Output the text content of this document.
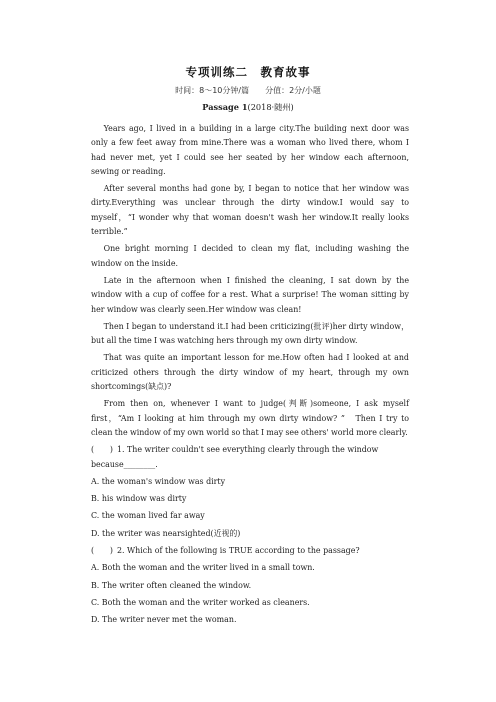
专项训练二　教育故事
时间：8～10分钟/篇　　分值：2分/小题
Passage 1(2018·随州)

Years ago, I lived in a building in a large city.The building next door was only a few feet away from mine.There was a woman who lived there, whom I had never met, yet I could see her seated by her window each afternoon, sewing or reading.

After several months had gone by, I began to notice that her window was dirty.Everything was unclear through the dirty window.I would say to myself，“I wonder why that woman doesn't wash her window.It really looks terrible.”

One bright morning I decided to clean my flat, including washing the window on the inside.

Late in the afternoon when I finished the cleaning, I sat down by the window with a cup of coffee for a rest. What a surprise! The woman sitting by her window was clearly seen.Her window was clean!

Then I began to understand it.I had been criticizing(批评)her dirty window，but all the time I was watching hers through my own dirty window.

That was quite an important lesson for me.How often had I looked at and criticized others through the dirty window of my heart, through my own shortcomings(缺点)?

From then on, whenever I want to judge(判断)someone, I ask myself first，“Am I looking at him through my own dirty window? ”　Then I try to clean the window of my own world so that I may see others' world more clearly.

(　　) 1. The writer couldn't see everything clearly through the window because________.
A. the woman's window was dirty
B. his window was dirty
C. the woman lived far away
D. the writer was nearsighted(近视的)
(　　) 2. Which of the following is TRUE according to the passage?
A. Both the woman and the writer lived in a small town.
B. The writer often cleaned the window.
C. Both the woman and the writer worked as cleaners.
D. The writer never met the woman.
